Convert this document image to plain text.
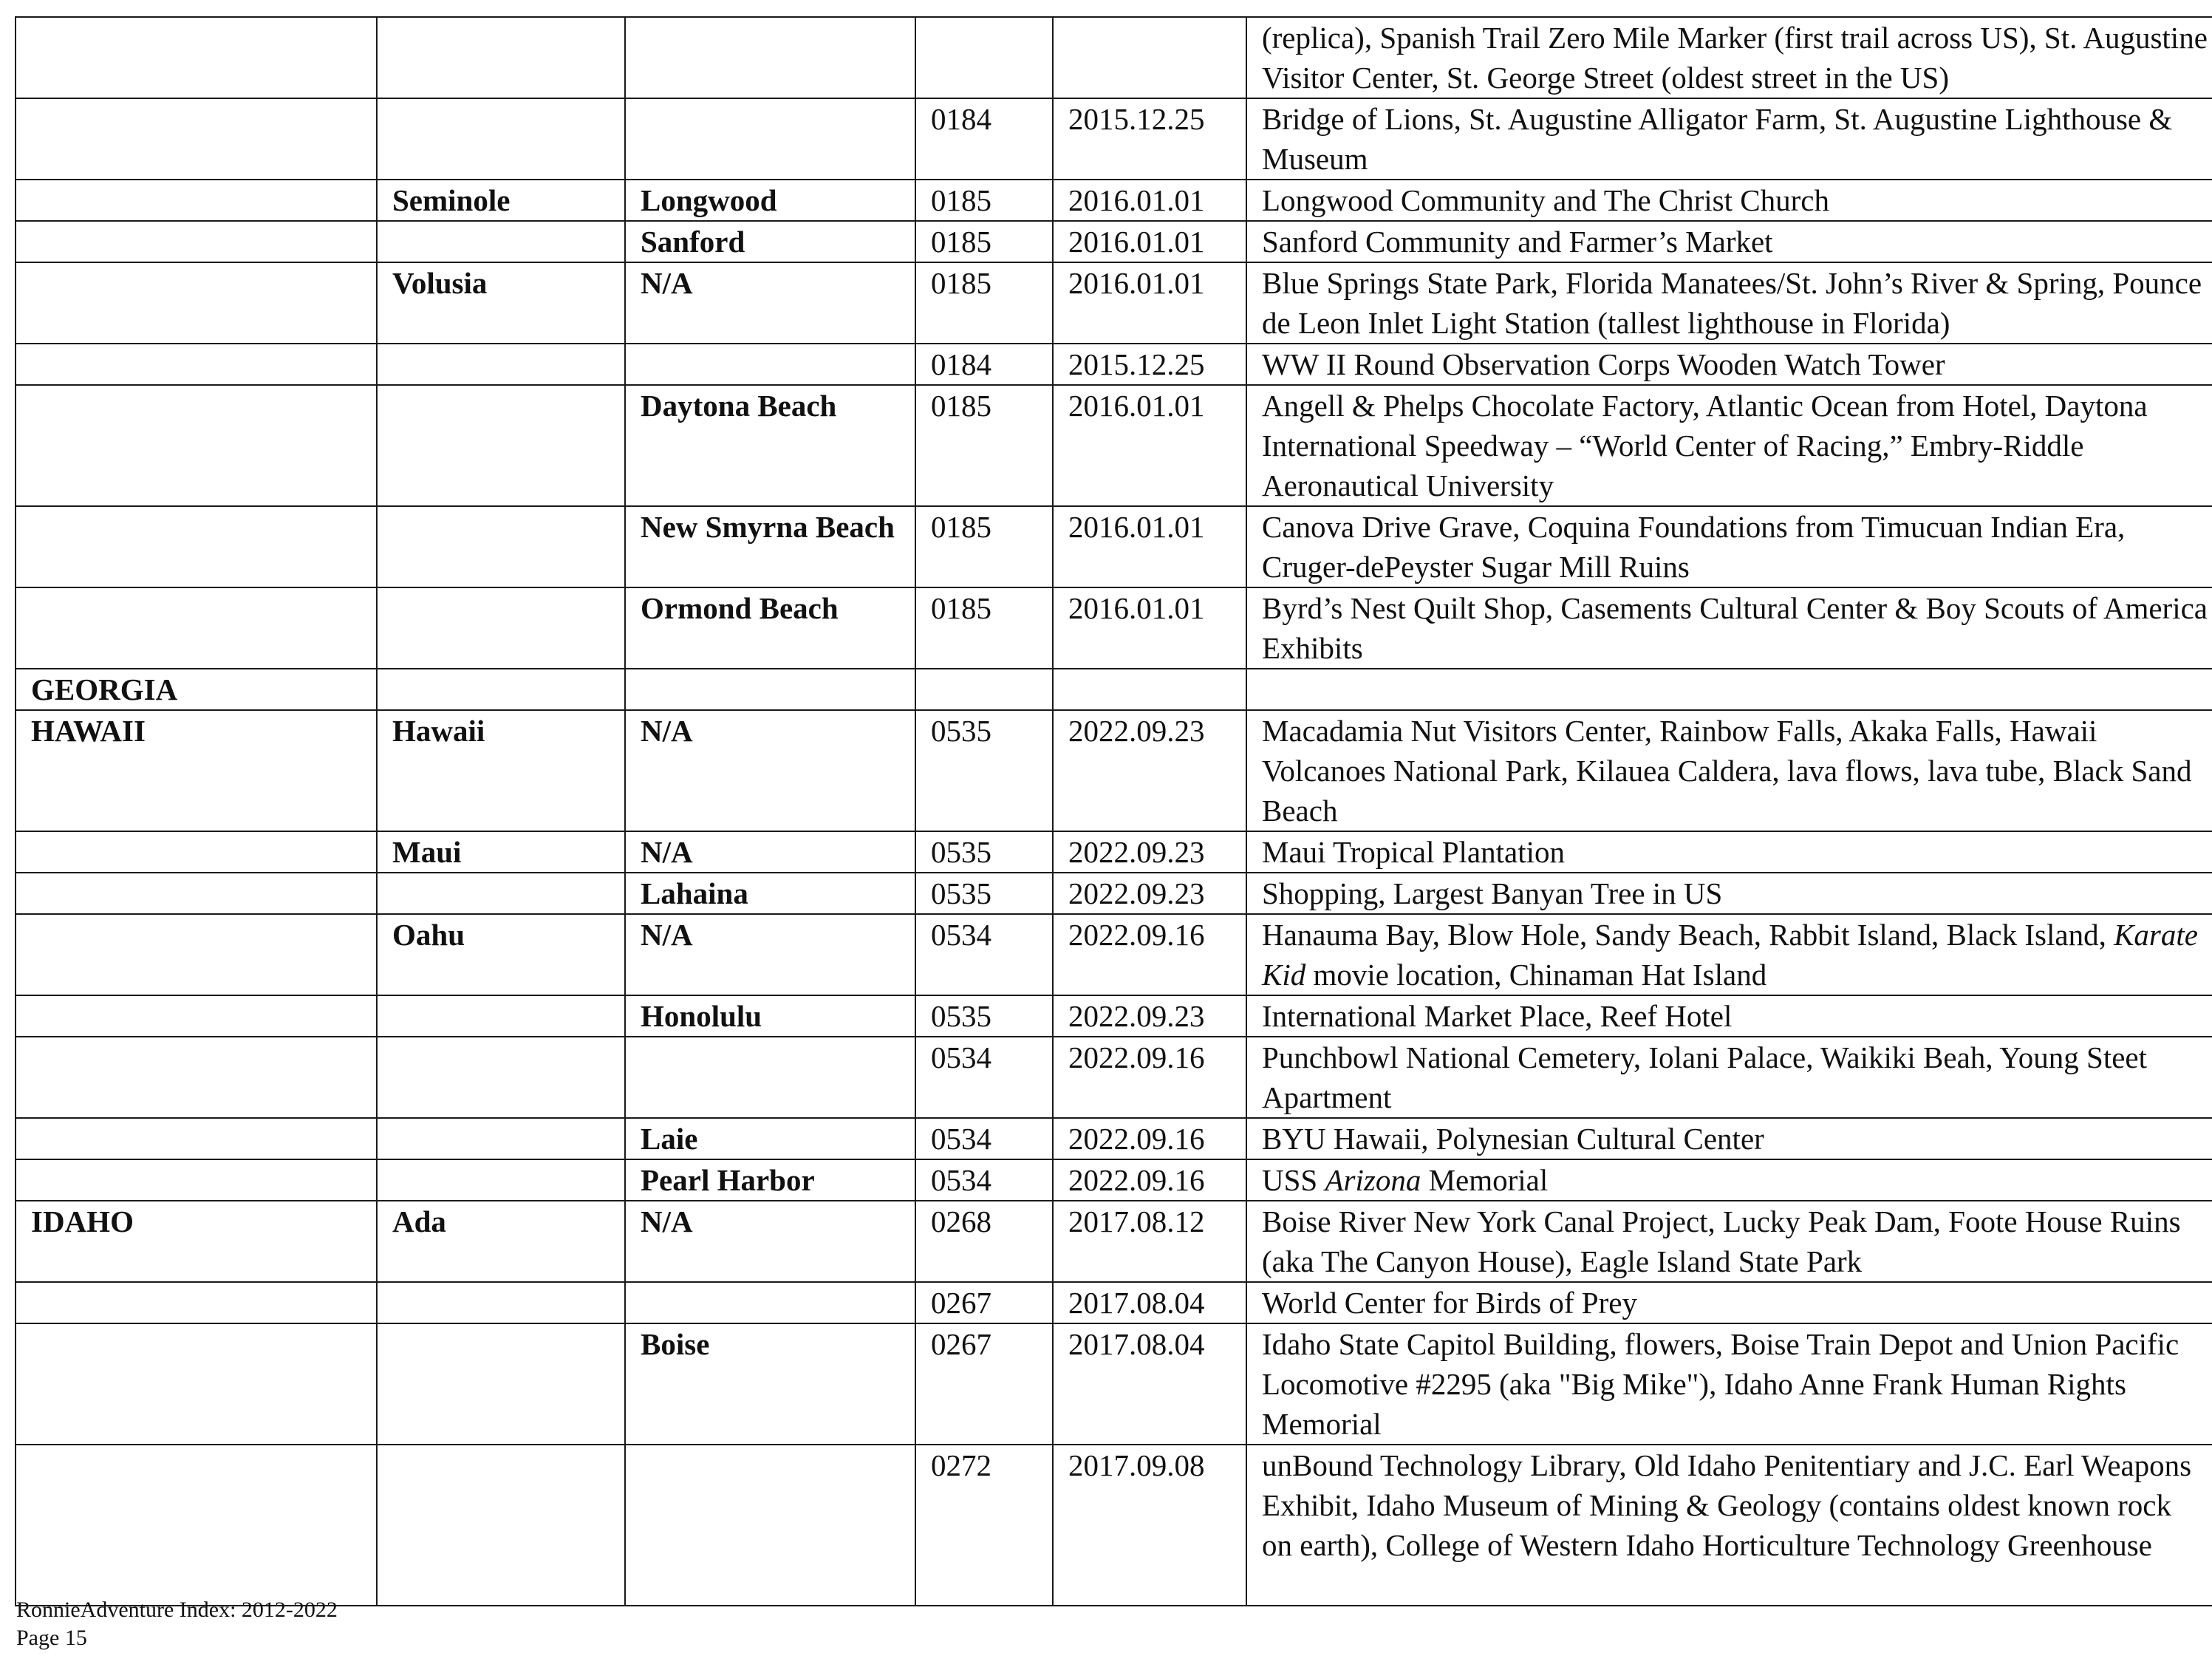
					(replica), Spanish Trail Zero Mile Marker (first trail across US), St. Augustine Visitor Center, St. George Street (oldest street in the US)
			0184	2015.12.25	Bridge of Lions, St. Augustine Alligator Farm, St. Augustine Lighthouse & Museum
	Seminole	Longwood	0185	2016.01.01	Longwood Community and The Christ Church
		Sanford	0185	2016.01.01	Sanford Community and Farmer’s Market
	Volusia	N/A	0185	2016.01.01	Blue Springs State Park, Florida Manatees/St. John’s River & Spring, Pounce de Leon Inlet Light Station (tallest lighthouse in Florida)
			0184	2015.12.25	WW II Round Observation Corps Wooden Watch Tower
		Daytona Beach	0185	2016.01.01	Angell & Phelps Chocolate Factory, Atlantic Ocean from Hotel, Daytona International Speedway – “World Center of Racing,” Embry-Riddle Aeronautical University
		New Smyrna Beach	0185	2016.01.01	Canova Drive Grave, Coquina Foundations from Timucuan Indian Era, Cruger-dePeyster Sugar Mill Ruins
		Ormond Beach	0185	2016.01.01	Byrd’s Nest Quilt Shop, Casements Cultural Center & Boy Scouts of America Exhibits
GEORGIA					
HAWAII	Hawaii	N/A	0535	2022.09.23	Macadamia Nut Visitors Center, Rainbow Falls, Akaka Falls, Hawaii Volcanoes National Park, Kilauea Caldera, lava flows, lava tube, Black Sand Beach
	Maui	N/A	0535	2022.09.23	Maui Tropical Plantation
		Lahaina	0535	2022.09.23	Shopping, Largest Banyan Tree in US
	Oahu	N/A	0534	2022.09.16	Hanauma Bay, Blow Hole, Sandy Beach, Rabbit Island, Black Island, Karate Kid movie location, Chinaman Hat Island
		Honolulu	0535	2022.09.23	International Market Place, Reef Hotel
			0534	2022.09.16	Punchbowl National Cemetery, Iolani Palace, Waikiki Beah, Young Steet Apartment
		Laie	0534	2022.09.16	BYU Hawaii, Polynesian Cultural Center
		Pearl Harbor	0534	2022.09.16	USS Arizona Memorial
IDAHO	Ada	N/A	0268	2017.08.12	Boise River New York Canal Project, Lucky Peak Dam, Foote House Ruins (aka The Canyon House), Eagle Island State Park
			0267	2017.08.04	World Center for Birds of Prey
		Boise	0267	2017.08.04	Idaho State Capitol Building, flowers, Boise Train Depot and Union Pacific Locomotive #2295 (aka "Big Mike"), Idaho Anne Frank Human Rights Memorial
			0272	2017.09.08	unBound Technology Library, Old Idaho Penitentiary and J.C. Earl Weapons Exhibit, Idaho Museum of Mining & Geology (contains oldest known rock on earth), College of Western Idaho Horticulture Technology Greenhouse
RonnieAdventure Index: 2012-2022
Page 15
